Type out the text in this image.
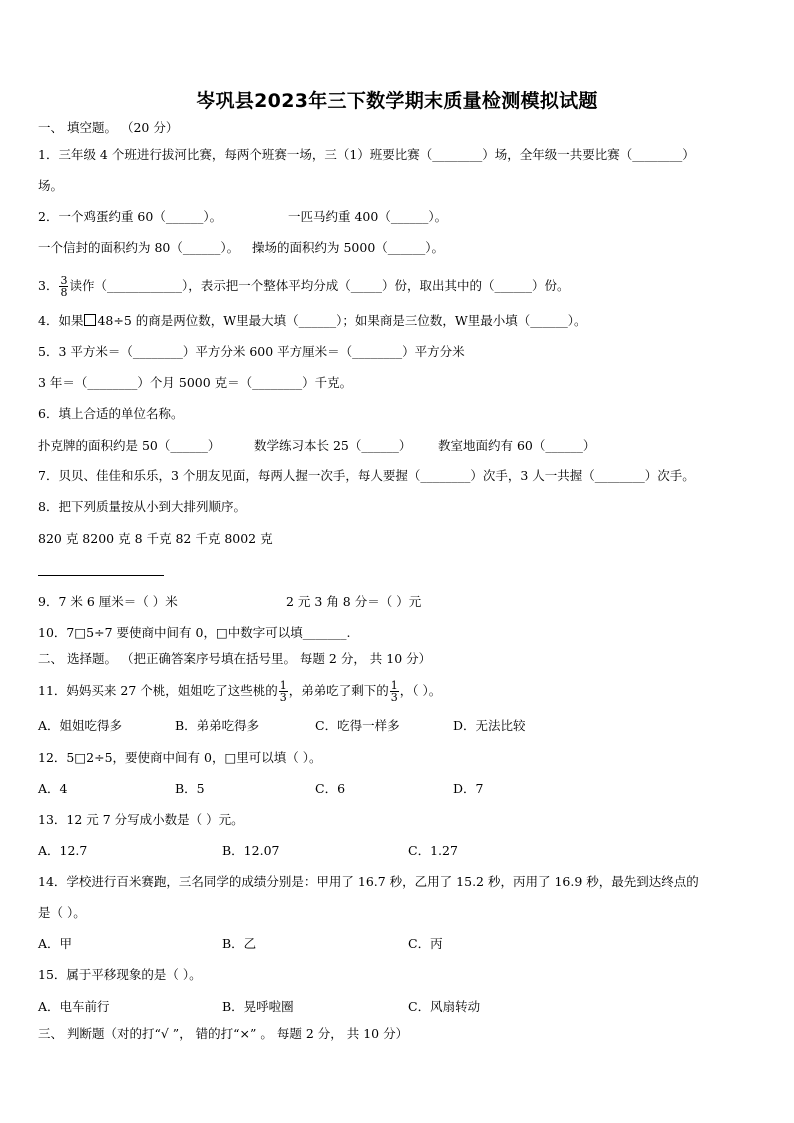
岑巩县2023年三下数学期末质量检测模拟试题
一、 填空题。 （20 分）
1．三年级 4 个班进行拔河比赛，每两个班赛一场，三（1）班要比赛（________）场，全年级一共要比赛（________）
场。
2．一个鸡蛋约重 60（______）。	一匹马约重 400（______）。
一个信封的面积约为 80（______）。 操场的面积约为 5000（______）。
3． $\frac{3}{8}$ 读作（____________），表示把一个整体平均分成（_____）份，取出其中的（______）份。
4．如果 48÷5 的商是两位数，W里最大填（______）；如果商是三位数，W里最小填（______）。
5．3 平方米＝（________）平方分米 600 平方厘米＝（________）平方分米
3 年＝（________）个月 5000 克＝（________）千克。
6．填上合适的单位名称。
扑克牌的面积约是 50（______）	数学练习本长 25（______） 教室地面约有 60（______）
7．贝贝、佳佳和乐乐，3 个朋友见面，每两人握一次手，每人要握（________）次手，3 人一共握（________）次手。
8．把下列质量按从小到大排列顺序。
820 克 8200 克 8 千克 82 千克 8002 克
9．7 米 6 厘米＝（ ）米	2 元 3 角 8 分＝（ ）元
10．7□5÷7 要使商中间有 0，□中数字可以填_______.
二、 选择题。 （把正确答案序号填在括号里。 每题 2 分， 共 10 分）
11．妈妈买来 27 个桃，姐姐吃了这些桃的 $\frac{1}{3}$ ，弟弟吃了剩下的 $\frac{1}{3}$ ，（ ）。
A．姐姐吃得多	B．弟弟吃得多	C．吃得一样多	D．无法比较
12．5□2÷5，要使商中间有 0，□里可以填（ ）。
A．4	B．5	C．6	D．7
13．12 元 7 分写成小数是（ ）元。
A．12.7	B．12.07	C．1.27
14．学校进行百米赛跑，三名同学的成绩分别是：甲用了 16.7 秒，乙用了 15.2 秒，丙用了 16.9 秒，最先到达终点的
是（ ）。
A．甲	B．乙	C．丙
15．属于平移现象的是（ ）。
A．电车前行	B．晃呼啦圈	C．风扇转动
三、 判断题（对的打“√ ”， 错的打“×” 。 每题 2 分， 共 10 分）
